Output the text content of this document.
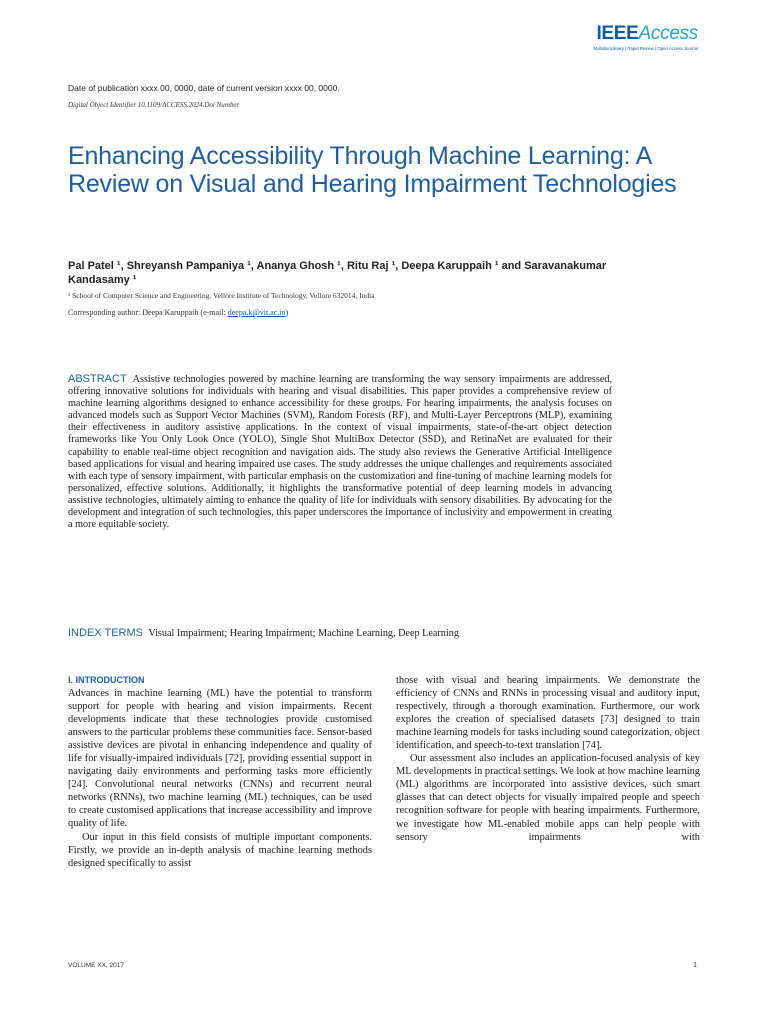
IEEEAccess
Multidisciplinary | Rapid Review | Open Access Journal
Date of publication xxxx 00, 0000, date of current version xxxx 00, 0000.
Digital Object Identifier 10.1109/ACCESS.2024.Doi Number
Enhancing Accessibility Through Machine Learning: A Review on Visual and Hearing Impairment Technologies
Pal Patel ¹, Shreyansh Pampaniya ¹, Ananya Ghosh ¹, Ritu Raj ¹, Deepa Karuppaih ¹ and Saravanakumar Kandasamy ¹
¹ School of Computer Science and Engineering, Vellore Institute of Technology, Vellore 632014, India
Corresponding author: Deepa Karuppaih (e-mail: deepa.k@vit.ac.in)
ABSTRACT Assistive technologies powered by machine learning are transforming the way sensory impairments are addressed, offering innovative solutions for individuals with hearing and visual disabilities. This paper provides a comprehensive review of machine learning algorithms designed to enhance accessibility for these groups. For hearing impairments, the analysis focuses on advanced models such as Support Vector Machines (SVM), Random Forests (RF), and Multi-Layer Perceptrons (MLP), examining their effectiveness in auditory assistive applications. In the context of visual impairments, state-of-the-art object detection frameworks like You Only Look Once (YOLO), Single Shot MultiBox Detector (SSD), and RetinaNet are evaluated for their capability to enable real-time object recognition and navigation aids. The study also reviews the Generative Artificial Intelligence based applications for visual and hearing impaired use cases. The study addresses the unique challenges and requirements associated with each type of sensory impairment, with particular emphasis on the customization and fine-tuning of machine learning models for personalized, effective solutions. Additionally, it highlights the transformative potential of deep learning models in advancing assistive technologies, ultimately aiming to enhance the quality of life for individuals with sensory disabilities. By advocating for the development and integration of such technologies, this paper underscores the importance of inclusivity and empowerment in creating a more equitable society.
INDEX TERMS Visual Impairment; Hearing Impairment; Machine Learning, Deep Learning
I. INTRODUCTION

Advances in machine learning (ML) have the potential to transform support for people with hearing and vision impairments. Recent developments indicate that these technologies provide customised answers to the particular problems these communities face. Sensor-based assistive devices are pivotal in enhancing independence and quality of life for visually-impaired individuals [72], providing essential support in navigating daily environments and performing tasks more efficiently [24]. Convolutional neural networks (CNNs) and recurrent neural networks (RNNs), two machine learning (ML) techniques, can be used to create customised applications that increase accessibility and improve quality of life.

Our input in this field consists of multiple important components. Firstly, we provide an in-depth analysis of machine learning methods designed specifically to assist

those with visual and hearing impairments. We demonstrate the efficiency of CNNs and RNNs in processing visual and auditory input, respectively, through a thorough examination. Furthermore, our work explores the creation of specialised datasets [73] designed to train machine learning models for tasks including sound categorization, object identification, and speech-to-text translation [74].

Our assessment also includes an application-focused analysis of key ML developments in practical settings. We look at how machine learning (ML) algorithms are incorporated into assistive devices, such smart glasses that can detect objects for visually impaired people and speech recognition software for people with hearing impairments. Furthermore, we investigate how ML-enabled mobile apps can help people with sensory impairments with

VOLUME XX, 2017	1
